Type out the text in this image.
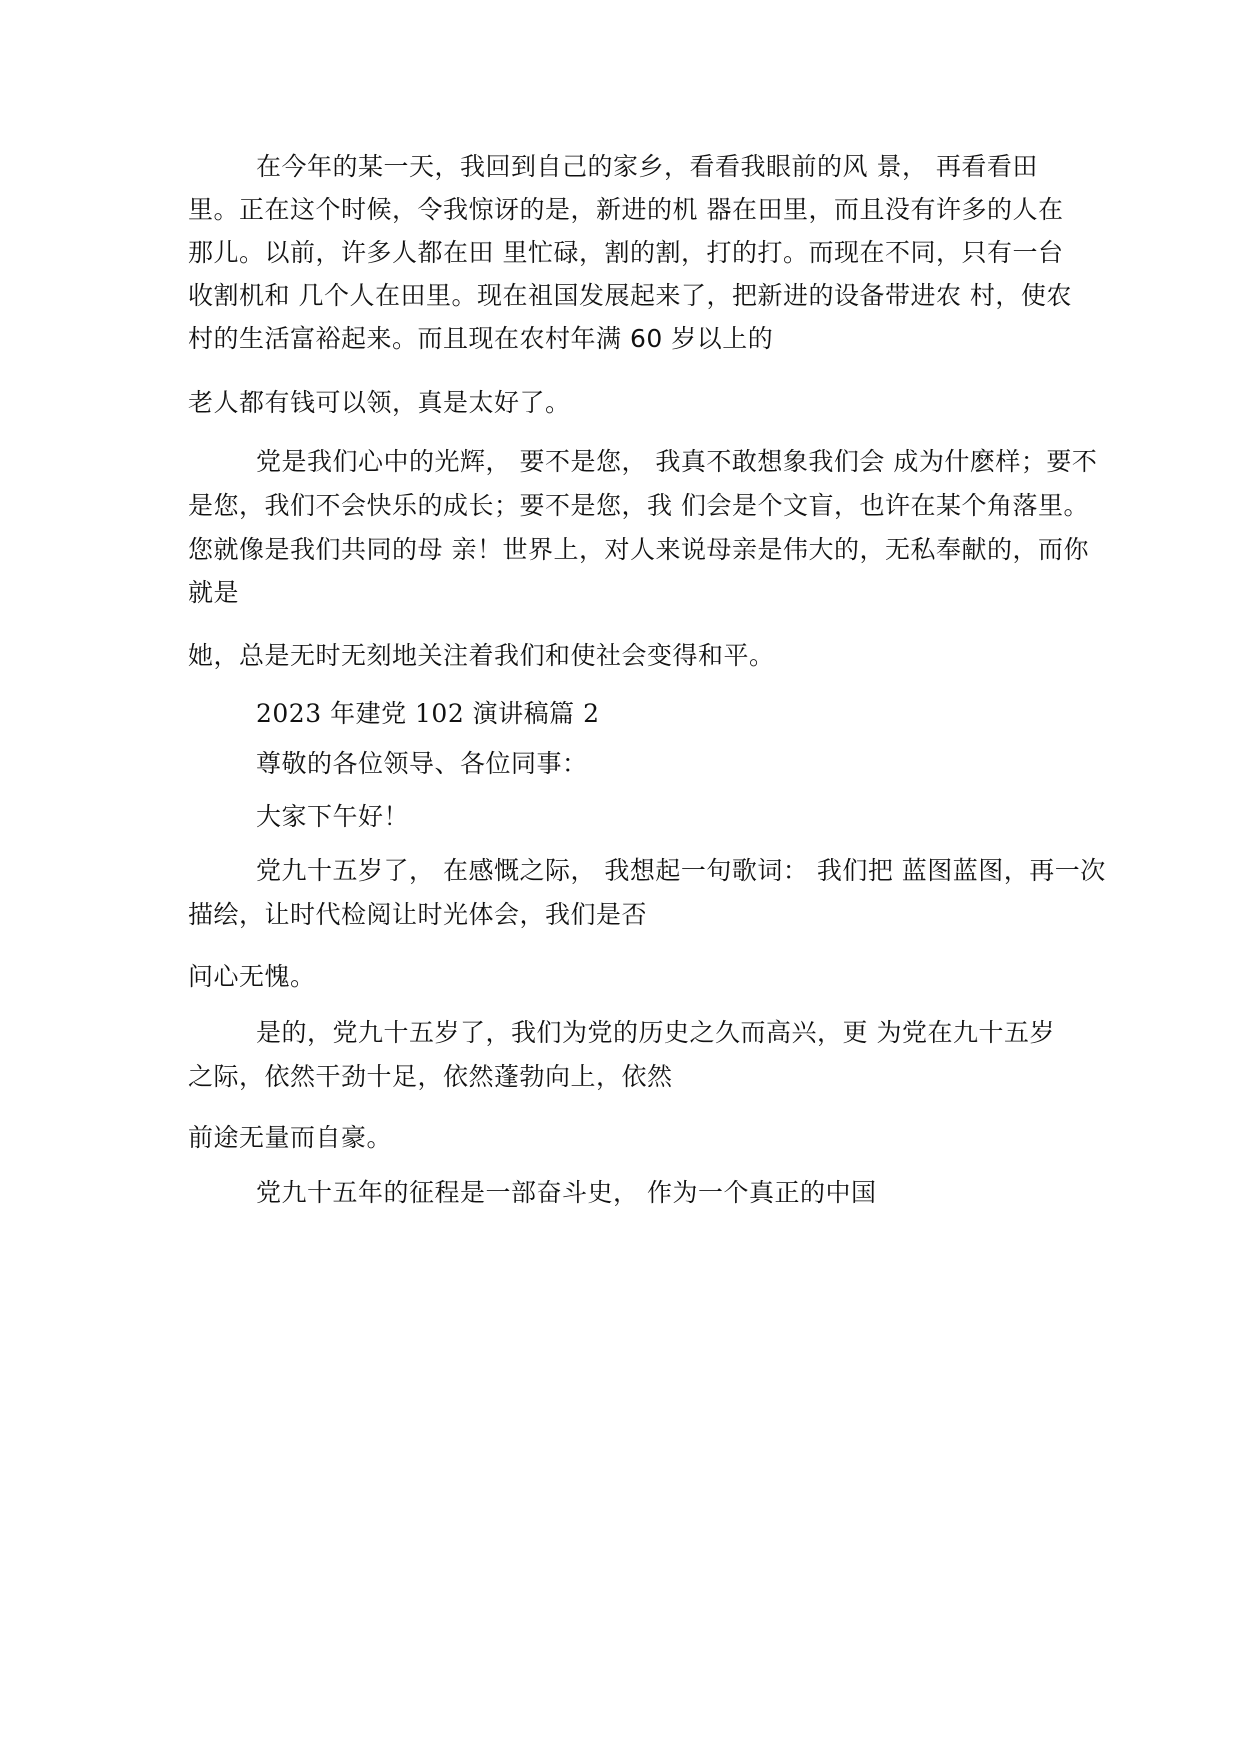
在今年的某一天，我回到自己的家乡，看看我眼前的风 景， 再看看田
里。正在这个时候，令我惊讶的是，新进的机 器在田里，而且没有许多的人在
那儿。以前，许多人都在田 里忙碌，割的割，打的打。而现在不同，只有一台
收割机和 几个人在田里。现在祖国发展起来了，把新进的设备带进农 村，使农
村的生活富裕起来。而且现在农村年满 60 岁以上的
老人都有钱可以领，真是太好了。
党是我们心中的光辉， 要不是您， 我真不敢想象我们会 成为什麽样；要不
是您，我们不会快乐的成长；要不是您，我 们会是个文盲，也许在某个角落里。
您就像是我们共同的母 亲！世界上，对人来说母亲是伟大的，无私奉献的，而你
就是
她，总是无时无刻地关注着我们和使社会变得和平。
2023 年建党 102 演讲稿篇 2
尊敬的各位领导、各位同事：
大家下午好！
党九十五岁了， 在感慨之际， 我想起一句歌词： 我们把 蓝图蓝图，再一次
描绘，让时代检阅让时光体会，我们是否
问心无愧。
是的，党九十五岁了，我们为党的历史之久而高兴，更 为党在九十五岁
之际，依然干劲十足，依然蓬勃向上，依然
前途无量而自豪。
党九十五年的征程是一部奋斗史， 作为一个真正的中国
